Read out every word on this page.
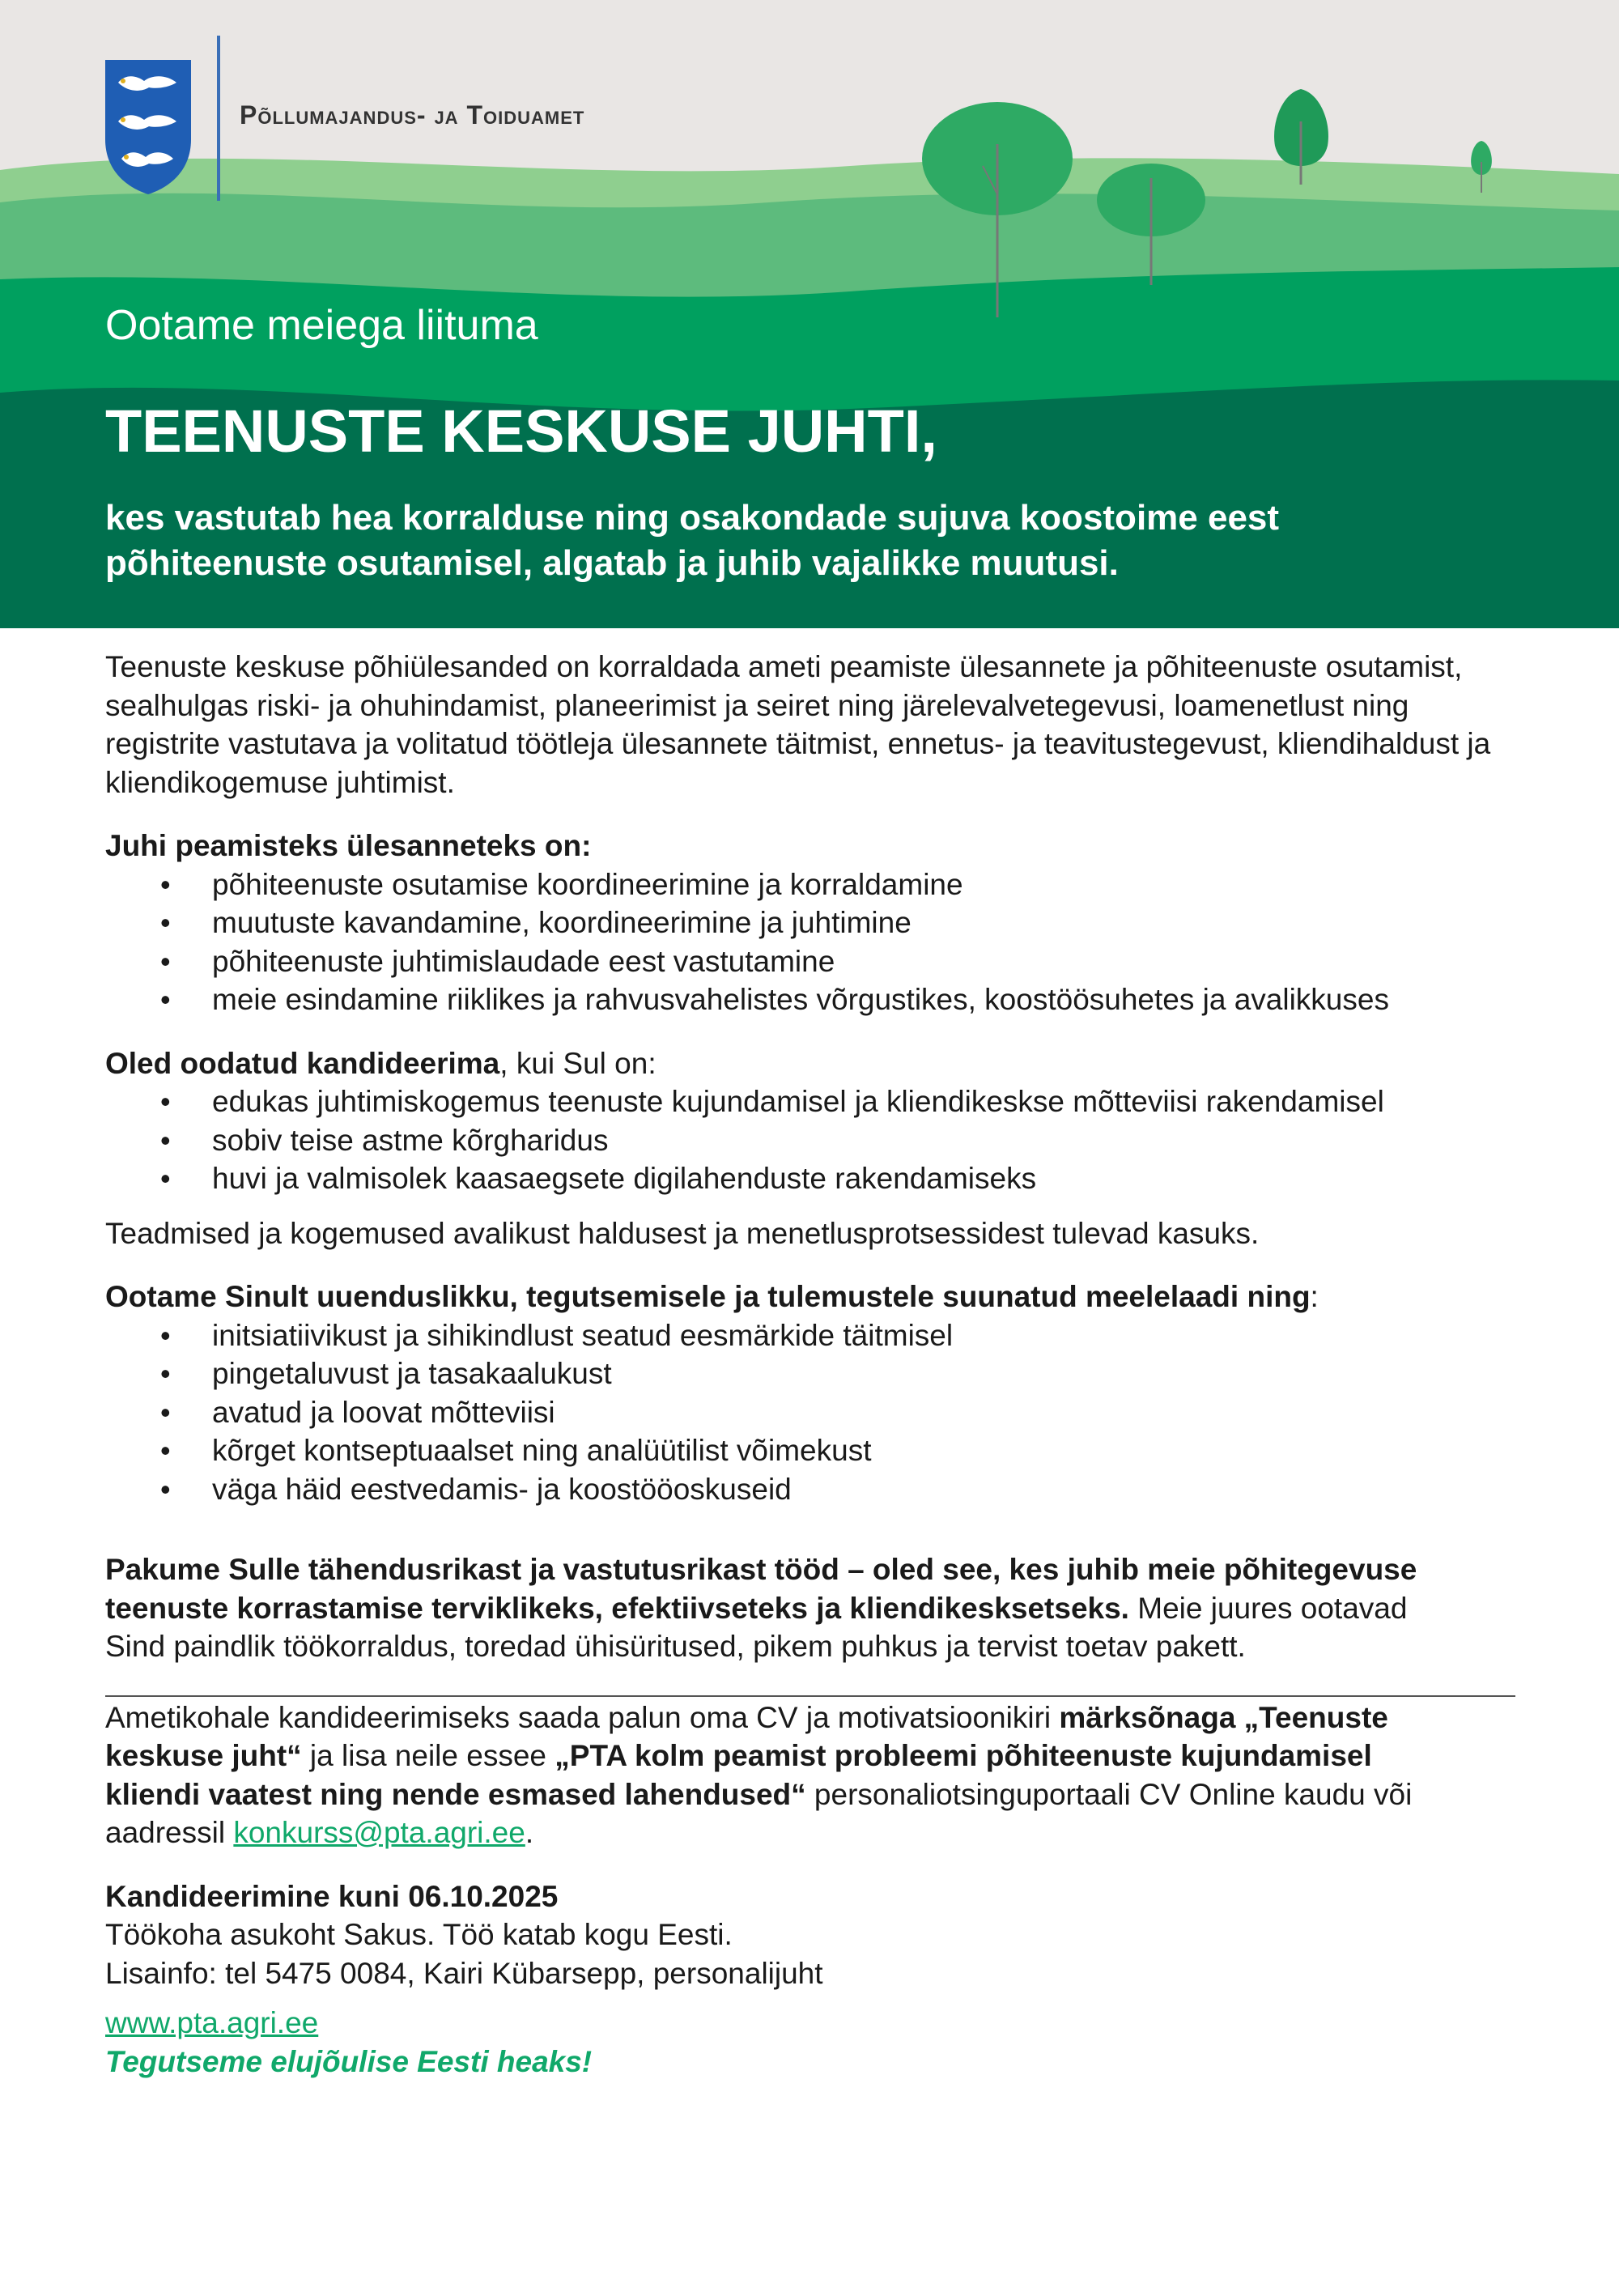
Põllumajandus- ja Toiduamet
Ootame meiega liituma
TEENUSTE KESKUSE JUHTI,
kes vastutab hea korralduse ning osakondade sujuva koostoime eest
põhiteenuste osutamisel, algatab ja juhib vajalikke muutusi.

Teenuste keskuse põhiülesanded on korraldada ameti peamiste ülesannete ja põhiteenuste osutamist, sealhulgas riski- ja ohuhindamist, planeerimist ja seiret ning järelevalvetegevusi, loamenetlust ning registrite vastutava ja volitatud töötleja ülesannete täitmist, ennetus- ja teavitustegevust, kliendihaldust ja kliendikogemuse juhtimist.

Juhi peamisteks ülesanneteks on:

• põhiteenuste osutamise koordineerimine ja korraldamine
• muutuste kavandamine, koordineerimine ja juhtimine
• põhiteenuste juhtimislaudade eest vastutamine
• meie esindamine riiklikes ja rahvusvahelistes võrgustikes, koostöösuhetes ja avalikkuses

Oled oodatud kandideerima, kui Sul on:

• edukas juhtimiskogemus teenuste kujundamisel ja kliendikeskse mõtteviisi rakendamisel
• sobiv teise astme kõrgharidus
• huvi ja valmisolek kaasaegsete digilahenduste rakendamiseks

Teadmised ja kogemused avalikust haldusest ja menetlusprotsessidest tulevad kasuks.

Ootame Sinult uuenduslikku, tegutsemisele ja tulemustele suunatud meelelaadi ning:

• initsiatiivikust ja sihikindlust seatud eesmärkide täitmisel
• pingetaluvust ja tasakaalukust
• avatud ja loovat mõtteviisi
• kõrget kontseptuaalset ning analüütilist võimekust
• väga häid eestvedamis- ja koostööoskuseid
Pakume Sulle tähendusrikast ja vastutusrikast tööd – oled see, kes juhib meie põhitegevuse
teenuste korrastamise terviklikeks, efektiivseteks ja kliendikesksetseks. Meie juures ootavad
Sind paindlik töökorraldus, toredad ühisüritused, pikem puhkus ja tervist toetav pakett.
Ametikohale kandideerimiseks saada palun oma CV ja motivatsioonikiri märksõnaga „Teenuste
keskuse juht“ ja lisa neile essee „PTA kolm peamist probleemi põhiteenuste kujundamisel
kliendi vaatest ning nende esmased lahendused“ personaliotsinguportaali CV Online kaudu või
aadressil konkurss@pta.agri.ee.

Kandideerimine kuni 06.10.2025

Töökoha asukoht Sakus. Töö katab kogu Eesti.

Lisainfo: tel 5475 0084, Kairi Kübarsepp, personalijuht

www.pta.agri.ee

Tegutseme elujõulise Eesti heaks!
